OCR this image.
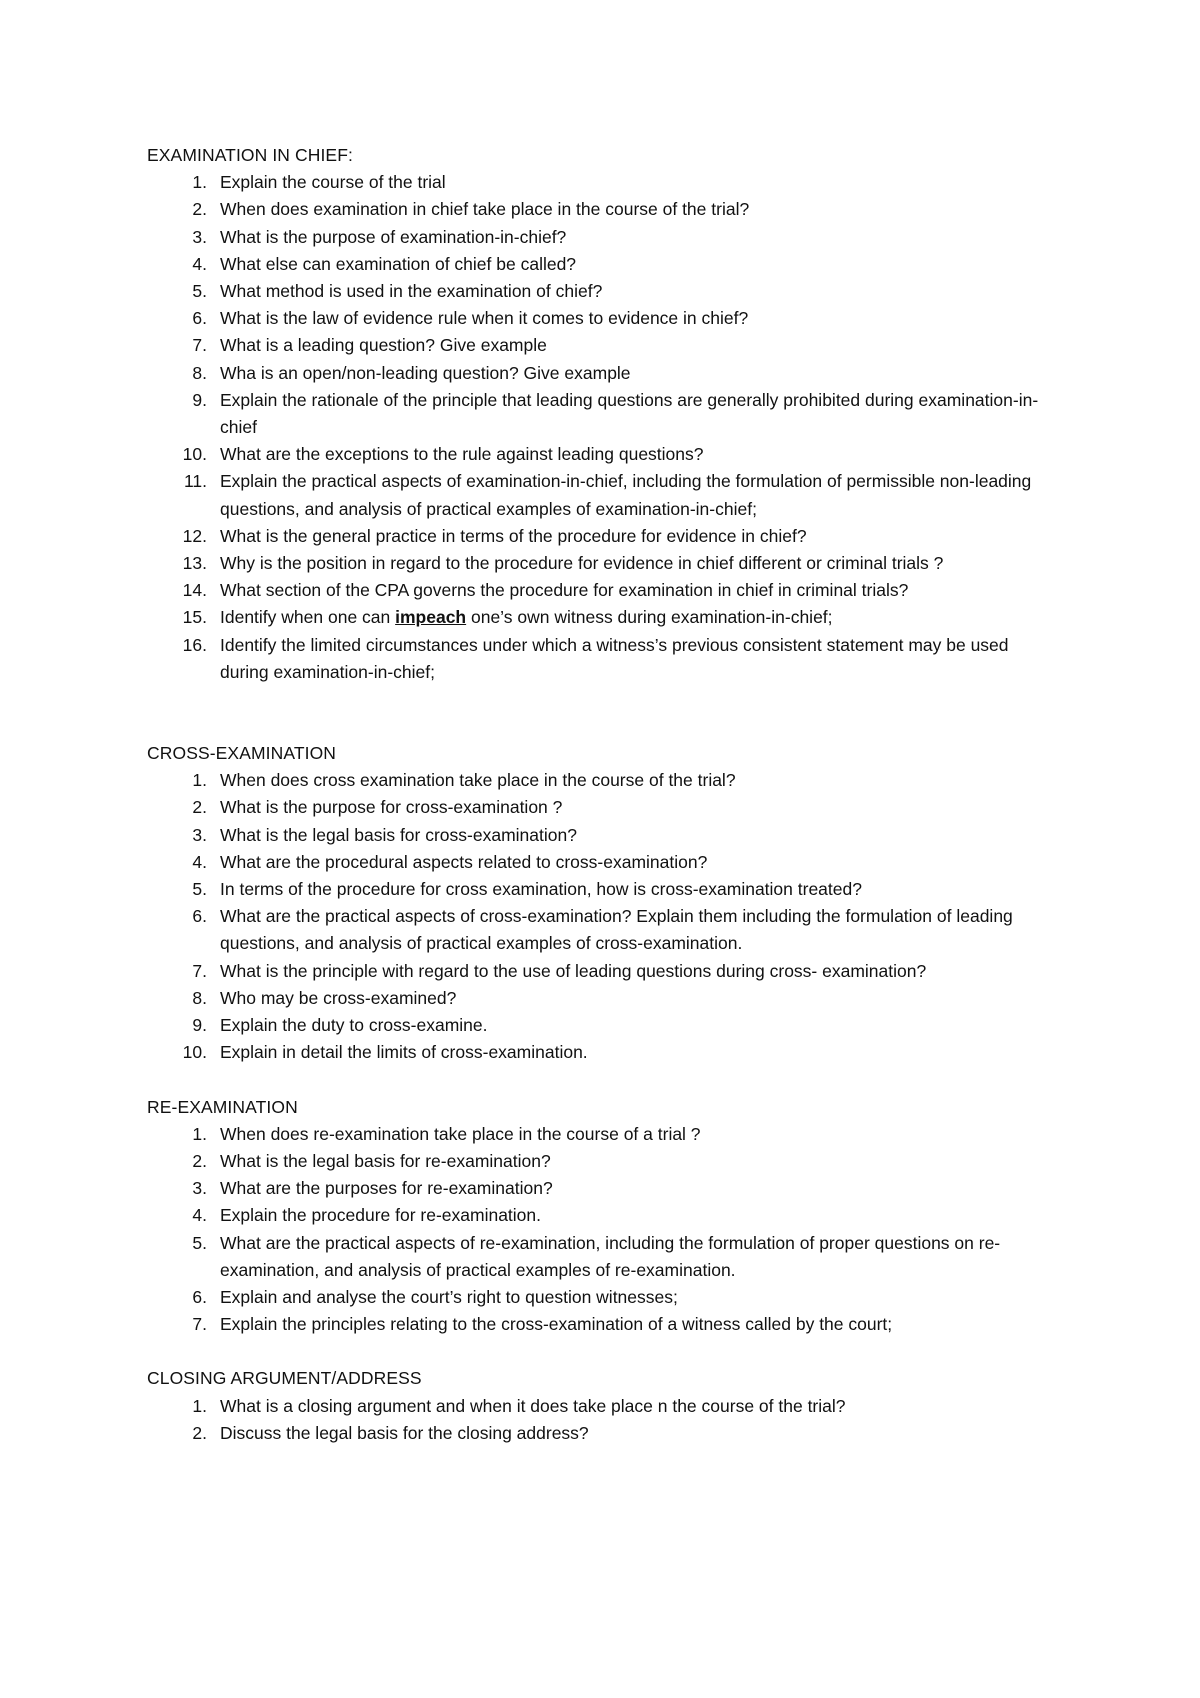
EXAMINATION IN CHIEF:

1. Explain the course of the trial
2. When does examination in chief take place in the course of the trial?
3. What is the purpose of examination-in-chief?
4. What else can examination of chief be called?
5. What method is used in the examination of chief?
6. What is the law of evidence rule when it comes to evidence in chief?
7. What is a leading question? Give example
8. Wha is an open/non-leading question? Give example
9. Explain the rationale of the principle that leading questions are generally prohibited during examination-in- chief
10. What are the exceptions to the rule against leading questions?
11. Explain the practical aspects of examination-in-chief, including the formulation of permissible non-leading questions, and analysis of practical examples of examination-in-chief;
12. What is the general practice in terms of the procedure for evidence in chief?
13. Why is the position in regard to the procedure for evidence in chief different or criminal trials ?
14. What section of the CPA governs the procedure for examination in chief in criminal trials?
15. Identify when one can impeach one’s own witness during examination-in-chief;
16. Identify the limited circumstances under which a witness’s previous consistent statement may be used during examination-in-chief;

CROSS-EXAMINATION

1. When does cross examination take place in the course of the trial?
2. What is the purpose for cross-examination ?
3. What is the legal basis for cross-examination?
4. What are the procedural aspects related to cross-examination?
5. In terms of the procedure for cross examination, how is cross-examination treated?
6. What are the practical aspects of cross-examination? Explain them including the formulation of leading questions, and analysis of practical examples of cross-examination.
7. What is the principle with regard to the use of leading questions during cross- examination?
8. Who may be cross-examined?
9. Explain the duty to cross-examine.
10. Explain in detail the limits of cross-examination.

RE-EXAMINATION

1. When does re-examination take place in the course of a trial ?
2. What is the legal basis for re-examination?
3. What are the purposes for re-examination?
4. Explain the procedure for re-examination.
5. What are the practical aspects of re-examination, including the formulation of proper questions on re-examination, and analysis of practical examples of re-examination.
6. Explain and analyse the court’s right to question witnesses;
7. Explain the principles relating to the cross-examination of a witness called by the court;

CLOSING ARGUMENT/ADDRESS

1. What is a closing argument and when it does take place n the course of the trial?
2. Discuss the legal basis for the closing address?
